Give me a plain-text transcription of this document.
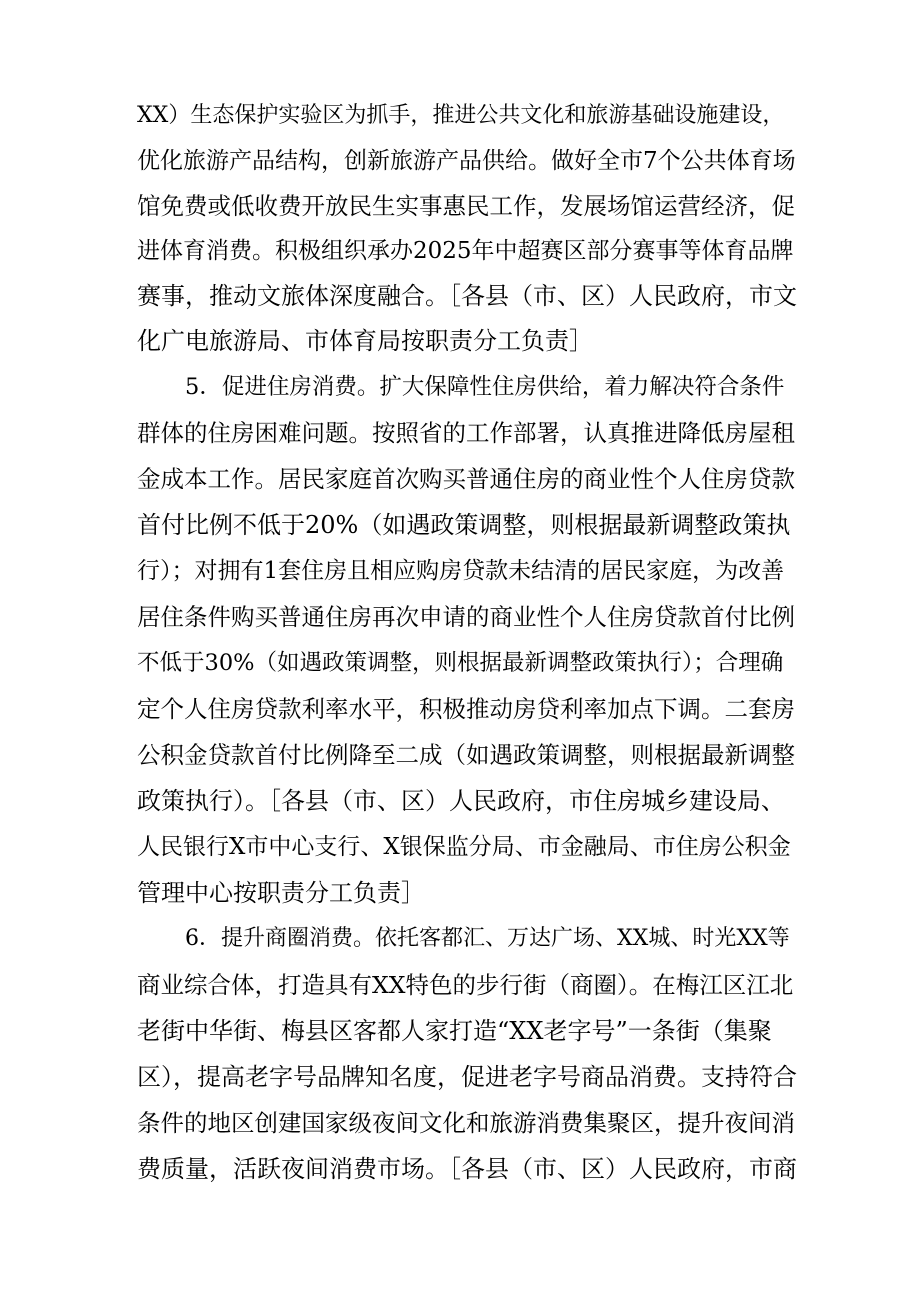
XX）生态保护实验区为抓手，推进公共文化和旅游基础设施建设，
优化旅游产品结构，创新旅游产品供给。做好全市7个公共体育场
馆免费或低收费开放民生实事惠民工作，发展场馆运营经济，促
进体育消费。积极组织承办2025年中超赛区部分赛事等体育品牌
赛事，推动文旅体深度融合。［各县（市、区）人民政府，市文
化广电旅游局、市体育局按职责分工负责］
5．促进住房消费。扩大保障性住房供给，着力解决符合条件
群体的住房困难问题。按照省的工作部署，认真推进降低房屋租
金成本工作。居民家庭首次购买普通住房的商业性个人住房贷款
首付比例不低于20%（如遇政策调整，则根据最新调整政策执
行）；对拥有1套住房且相应购房贷款未结清的居民家庭，为改善
居住条件购买普通住房再次申请的商业性个人住房贷款首付比例
不低于30%（如遇政策调整，则根据最新调整政策执行）；合理确
定个人住房贷款利率水平，积极推动房贷利率加点下调。二套房
公积金贷款首付比例降至二成（如遇政策调整，则根据最新调整
政策执行）。［各县（市、区）人民政府，市住房城乡建设局、
人民银行X市中心支行、X银保监分局、市金融局、市住房公积金
管理中心按职责分工负责］
6．提升商圈消费。依托客都汇、万达广场、XX城、时光XX等
商业综合体，打造具有XX特色的步行街（商圈）。在梅江区江北
老街中华街、梅县区客都人家打造“XX老字号”一条街（集聚
区），提高老字号品牌知名度，促进老字号商品消费。支持符合
条件的地区创建国家级夜间文化和旅游消费集聚区，提升夜间消
费质量，活跃夜间消费市场。［各县（市、区）人民政府，市商
